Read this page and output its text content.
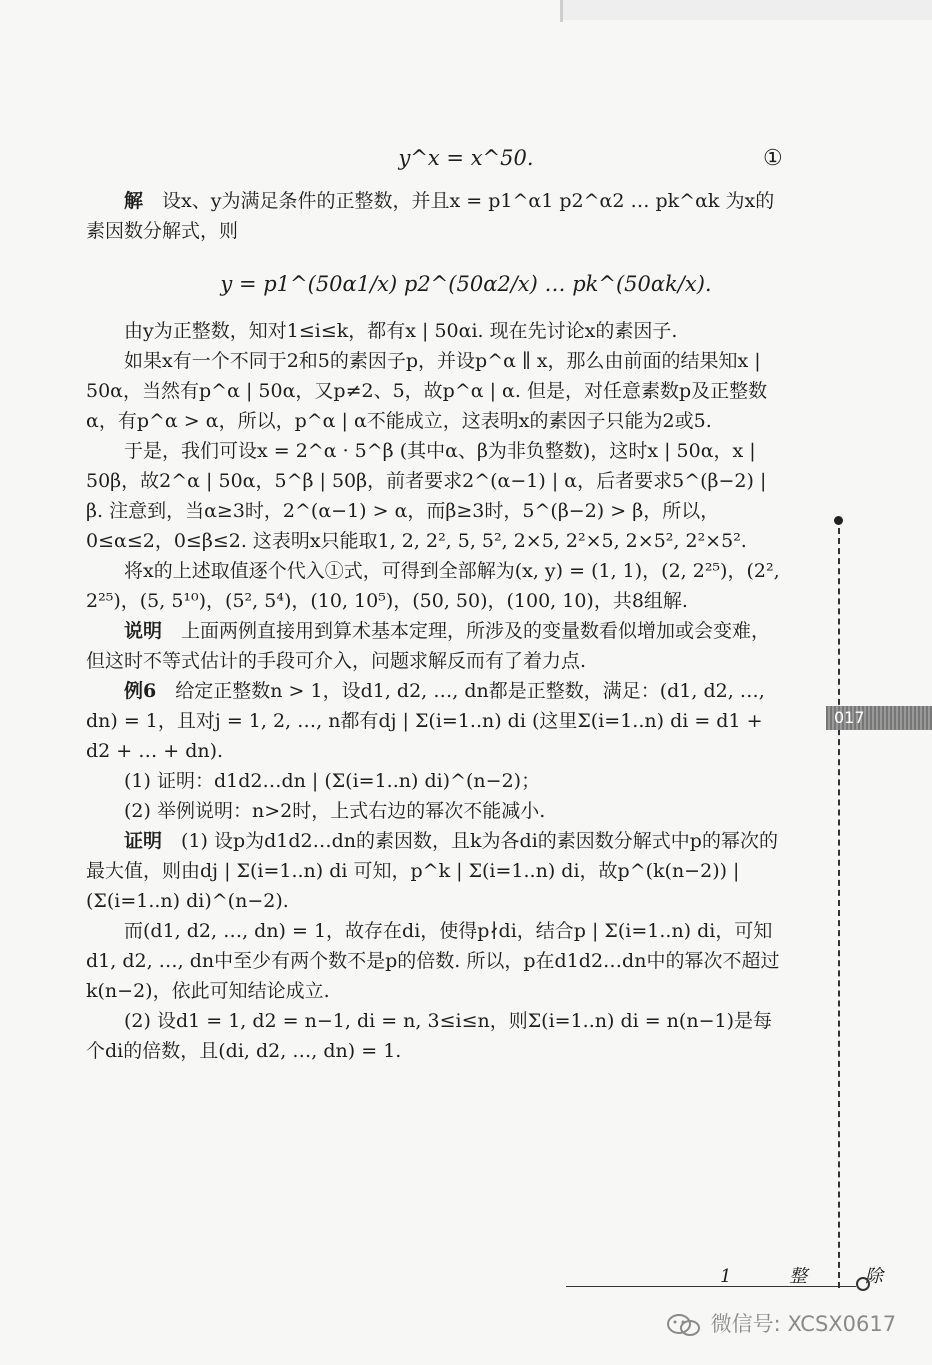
y^x = x^50.	①

解　 设x、y为满足条件的正整数，并且x = p1^α1 p2^α2 … pk^αk 为x的素因数分解式，则

y = p1^(50α1/x) p2^(50α2/x) … pk^(50αk/x).

由y为正整数，知对1≤i≤k，都有x | 50αi. 现在先讨论x的素因子.

如果x有一个不同于2和5的素因子p，并设p^α ∥ x，那么由前面的结果知x | 50α，当然有p^α | 50α，又p≠2、5，故p^α | α. 但是，对任意素数p及正整数α，有p^α > α，所以，p^α | α不能成立，这表明x的素因子只能为2或5.

于是，我们可设x = 2^α · 5^β (其中α、β为非负整数)，这时x | 50α，x | 50β，故2^α | 50α，5^β | 50β，前者要求2^(α−1) | α，后者要求5^(β−2) | β. 注意到，当α≥3时，2^(α−1) > α，而β≥3时，5^(β−2) > β，所以，0≤α≤2，0≤β≤2. 这表明x只能取1, 2, 2², 5, 5², 2×5, 2²×5, 2×5², 2²×5².

将x的上述取值逐个代入①式，可得到全部解为(x, y) = (1, 1)，(2, 2²⁵)，(2², 2²⁵)，(5, 5¹⁰)，(5², 5⁴)，(10, 10⁵)，(50, 50)，(100, 10)，共8组解.

说明　 上面两例直接用到算术基本定理，所涉及的变量数看似增加或会变难，但这时不等式估计的手段可介入，问题求解反而有了着力点.

例6　 给定正整数n > 1，设d1, d2, …, dn都是正整数，满足：(d1, d2, …, dn) = 1，且对j = 1, 2, …, n都有dj | Σ(i=1..n) di (这里Σ(i=1..n) di = d1 + d2 + … + dn).

(1) 证明：d1d2…dn | (Σ(i=1..n) di)^(n−2)；

(2) 举例说明：n>2时，上式右边的幂次不能减小.

证明　 (1) 设p为d1d2…dn的素因数，且k为各di的素因数分解式中p的幂次的最大值，则由dj | Σ(i=1..n) di 可知，p^k | Σ(i=1..n) di，故p^(k(n−2)) | (Σ(i=1..n) di)^(n−2).

而(d1, d2, …, dn) = 1，故存在di，使得p∤di，结合p | Σ(i=1..n) di，可知d1, d2, …, dn中至少有两个数不是p的倍数. 所以，p在d1d2…dn中的幂次不超过k(n−2)，依此可知结论成立.

(2) 设d1 = 1, d2 = n−1, di = n, 3≤i≤n，则Σ(i=1..n) di = n(n−1)是每个di的倍数，且(di, d2, …, dn) = 1.

017
1 整 除
微信号: XCSX0617
